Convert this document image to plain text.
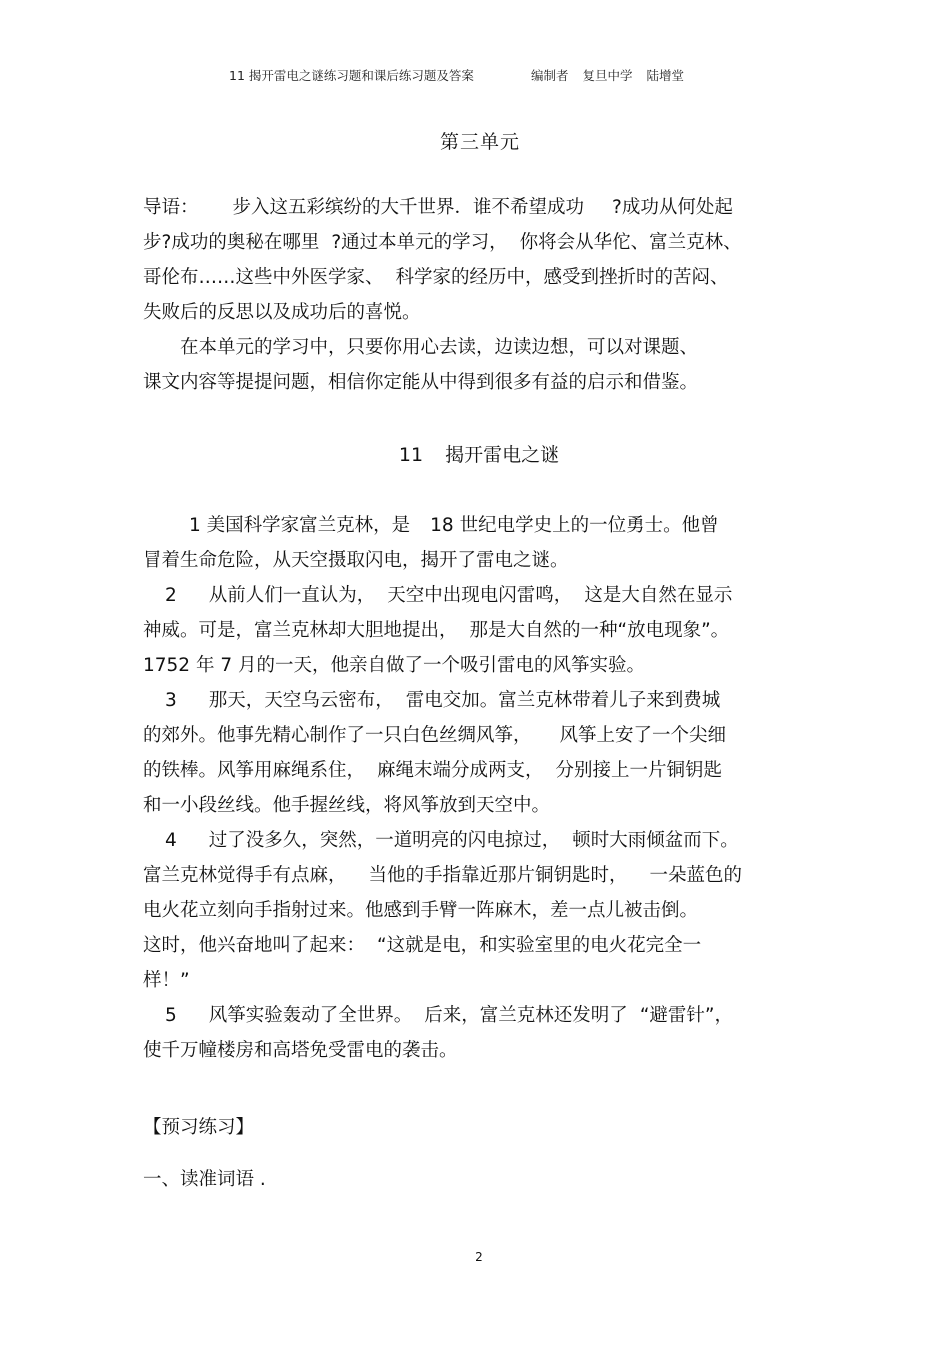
11 揭开雷电之谜练习题和课后练习题及答案	编制者 复旦中学 陆增堂
第三单元
导语： 步入这五彩缤纷的大千世界．谁不希望成功 ?成功从何处起
步?成功的奥秘在哪里 ?通过本单元的学习， 你将会从华佗、富兰克林、
哥伦布……这些中外医学家、 科学家的经历中，感受到挫折时的苦闷、
失败后的反思以及成功后的喜悦。
在本单元的学习中，只要你用心去读，边读边想，可以对课题、
课文内容等提提问题，相信你定能从中得到很多有益的启示和借鉴。
11 揭开雷电之谜
1 美国科学家富兰克林，是 18 世纪电学史上的一位勇士。他曾
冒着生命危险，从天空摄取闪电，揭开了雷电之谜。
2 从前人们一直认为， 天空中出现电闪雷鸣， 这是大自然在显示
神威。可是，富兰克林却大胆地提出， 那是大自然的一种“放电现象”。
1752 年 7 月的一天，他亲自做了一个吸引雷电的风筝实验。
3 那天，天空乌云密布， 雷电交加。富兰克林带着儿子来到费城
的郊外。他事先精心制作了一只白色丝绸风筝， 风筝上安了一个尖细
的铁棒。风筝用麻绳系住， 麻绳末端分成两支， 分别接上一片铜钥匙
和一小段丝线。他手握丝线，将风筝放到天空中。
4 过了没多久，突然，一道明亮的闪电掠过， 顿时大雨倾盆而下。
富兰克林觉得手有点麻， 当他的手指靠近那片铜钥匙时， 一朵蓝色的
电火花立刻向手指射过来。他感到手臂一阵麻木，差一点儿被击倒。
这时，他兴奋地叫了起来： “这就是电，和实验室里的电火花完全一
样！”
5 风筝实验轰动了全世界。 后来，富兰克林还发明了 “避雷针”，
使千万幢楼房和高塔免受雷电的袭击。
【预习练习】
一、读准词语 .
2
